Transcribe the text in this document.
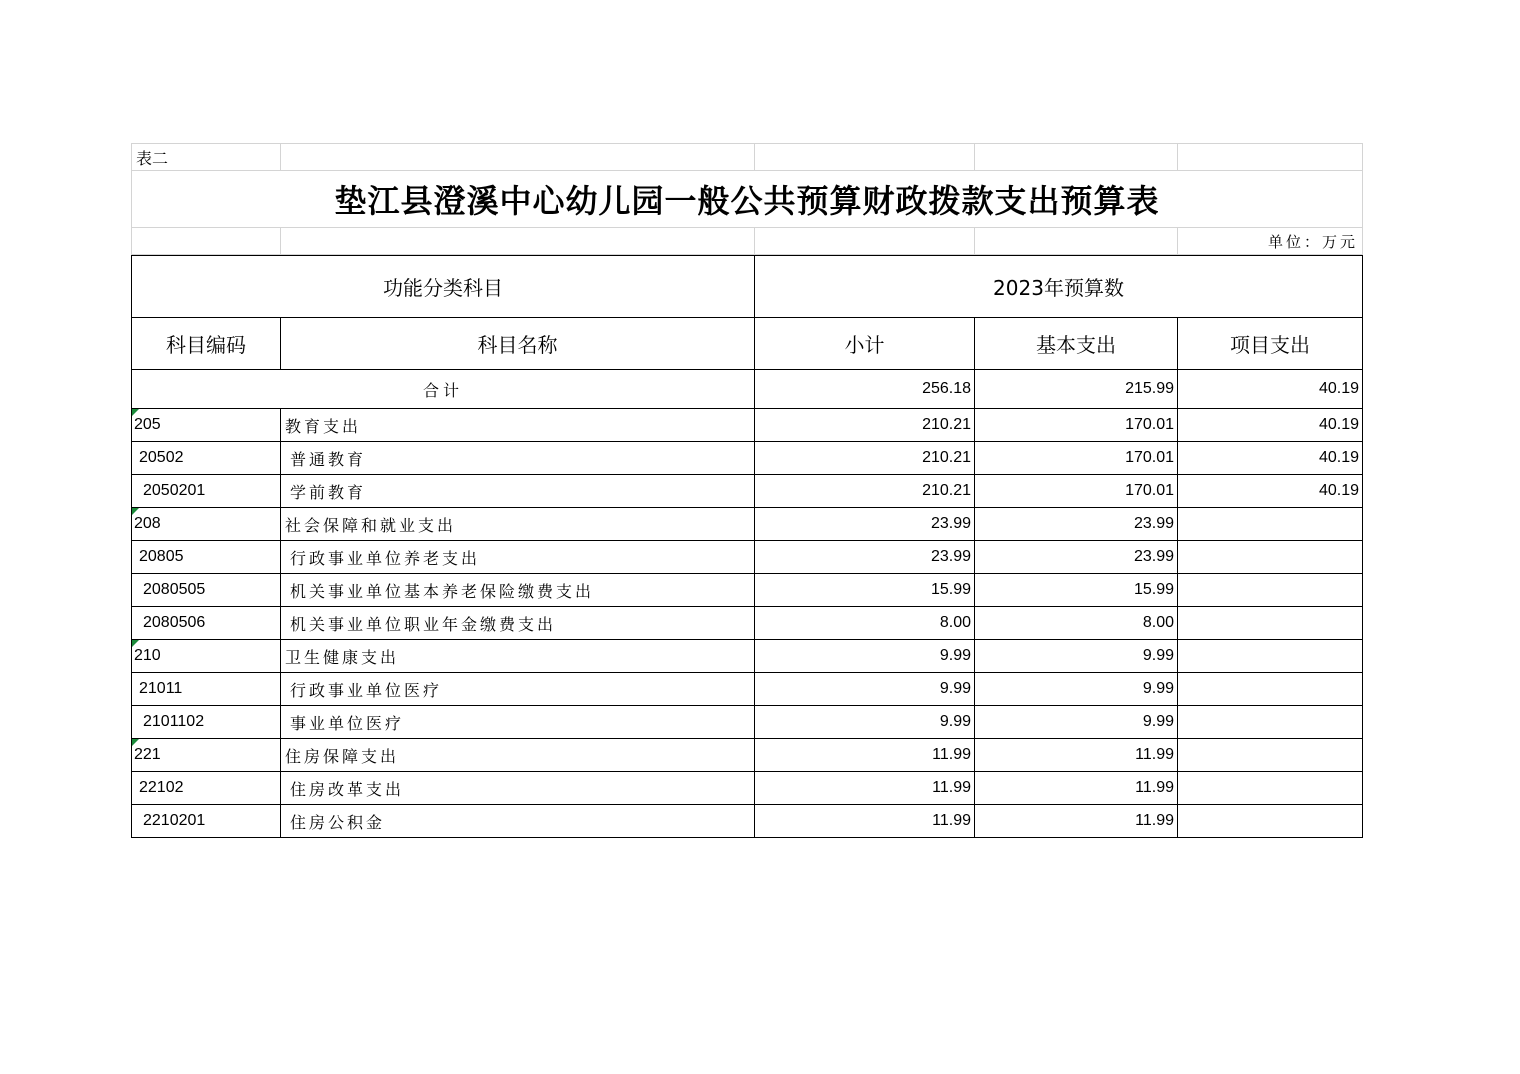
表二				
垫江县澄溪中心幼儿园一般公共预算财政拨款支出预算表				
				单位：万元
功能分类科目		2023年预算数		
科目编码	科目名称	小计	基本支出	项目支出
合计		256.18	215.99	40.19

205	教育支出	210.21	170.01	40.19
20502	普通教育	210.21	170.01	40.19
2050201	学前教育	210.21	170.01	40.19

208	社会保障和就业支出	23.99	23.99	
20805	行政事业单位养老支出	23.99	23.99	
2080505	机关事业单位基本养老保险缴费支出	15.99	15.99	
2080506	机关事业单位职业年金缴费支出	8.00	8.00	

210	卫生健康支出	9.99	9.99	
21011	行政事业单位医疗	9.99	9.99	
2101102	事业单位医疗	9.99	9.99	

221	住房保障支出	11.99	11.99	
22102	住房改革支出	11.99	11.99	
2210201	住房公积金	11.99	11.99	
